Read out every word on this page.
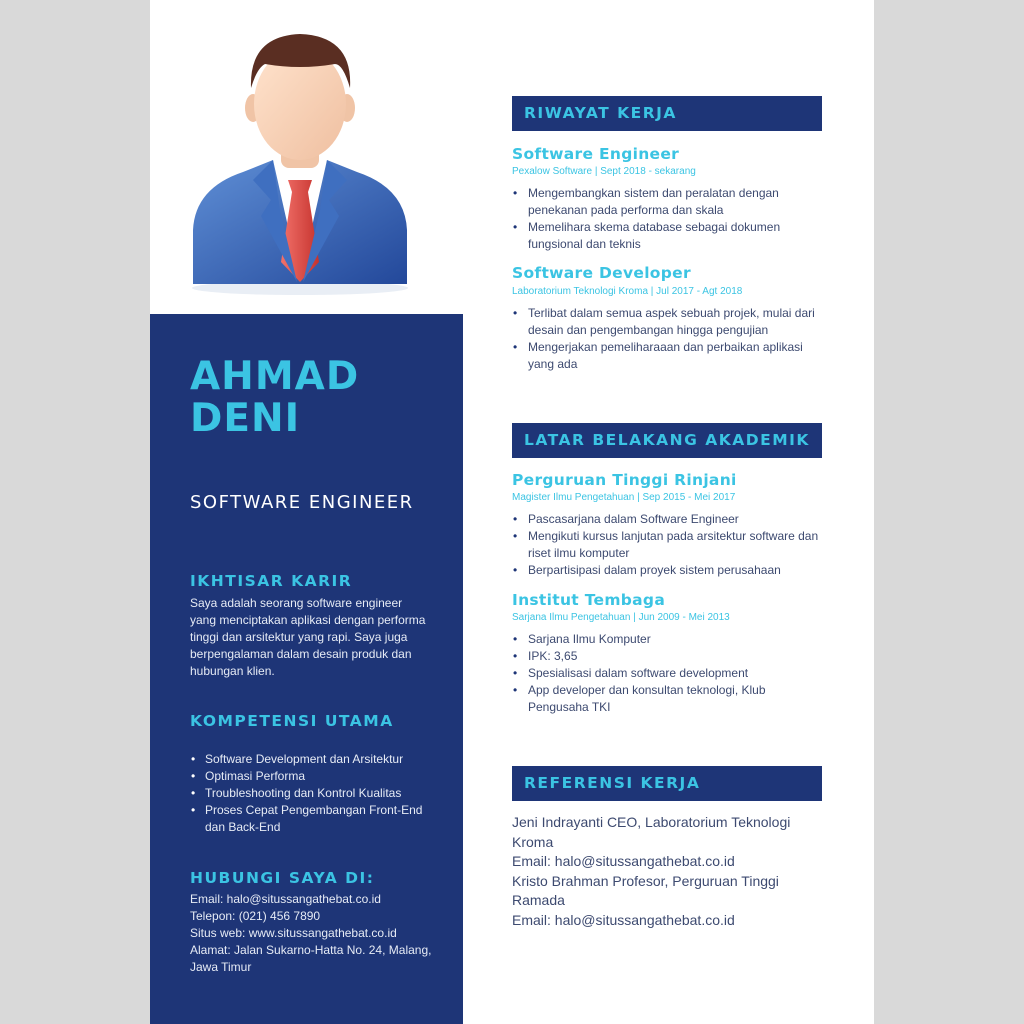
AHMAD
DENI
SOFTWARE ENGINEER
IKHTISAR KARIR
Saya adalah seorang software engineer yang menciptakan aplikasi dengan performa tinggi dan arsitektur yang rapi. Saya juga berpengalaman dalam desain produk dan hubungan klien.
KOMPETENSI UTAMA
• Software Development dan Arsitektur
• Optimasi Performa
• Troubleshooting dan Kontrol Kualitas
• Proses Cepat Pengembangan Front-End dan Back-End
HUBUNGI SAYA DI:
Email: halo@situssangathebat.co.id
Telepon: (021) 456 7890
Situs web: www.situssangathebat.co.id
Alamat: Jalan Sukarno-Hatta No. 24, Malang, Jawa Timur
RIWAYAT KERJA
Software Engineer
Pexalow Software | Sept 2018 - sekarang
• Mengembangkan sistem dan peralatan dengan penekanan pada performa dan skala
• Memelihara skema database sebagai dokumen fungsional dan teknis
Software Developer
Laboratorium Teknologi Kroma | Jul 2017 - Agt 2018
• Terlibat dalam semua aspek sebuah projek, mulai dari desain dan pengembangan hingga pengujian
• Mengerjakan pemeliharaaan dan perbaikan aplikasi yang ada
LATAR BELAKANG AKADEMIK
Perguruan Tinggi Rinjani
Magister Ilmu Pengetahuan | Sep 2015 - Mei 2017
• Pascasarjana dalam Software Engineer
• Mengikuti kursus lanjutan pada arsitektur software dan riset ilmu komputer
• Berpartisipasi dalam proyek sistem perusahaan
Institut Tembaga
Sarjana Ilmu Pengetahuan | Jun 2009 - Mei 2013
• Sarjana Ilmu Komputer
• IPK: 3,65
• Spesialisasi dalam software development
• App developer dan konsultan teknologi, Klub Pengusaha TKI
REFERENSI KERJA
Jeni Indrayanti CEO, Laboratorium Teknologi Kroma
Email: halo@situssangathebat.co.id
Kristo Brahman Profesor, Perguruan Tinggi Ramada
Email: halo@situssangathebat.co.id
